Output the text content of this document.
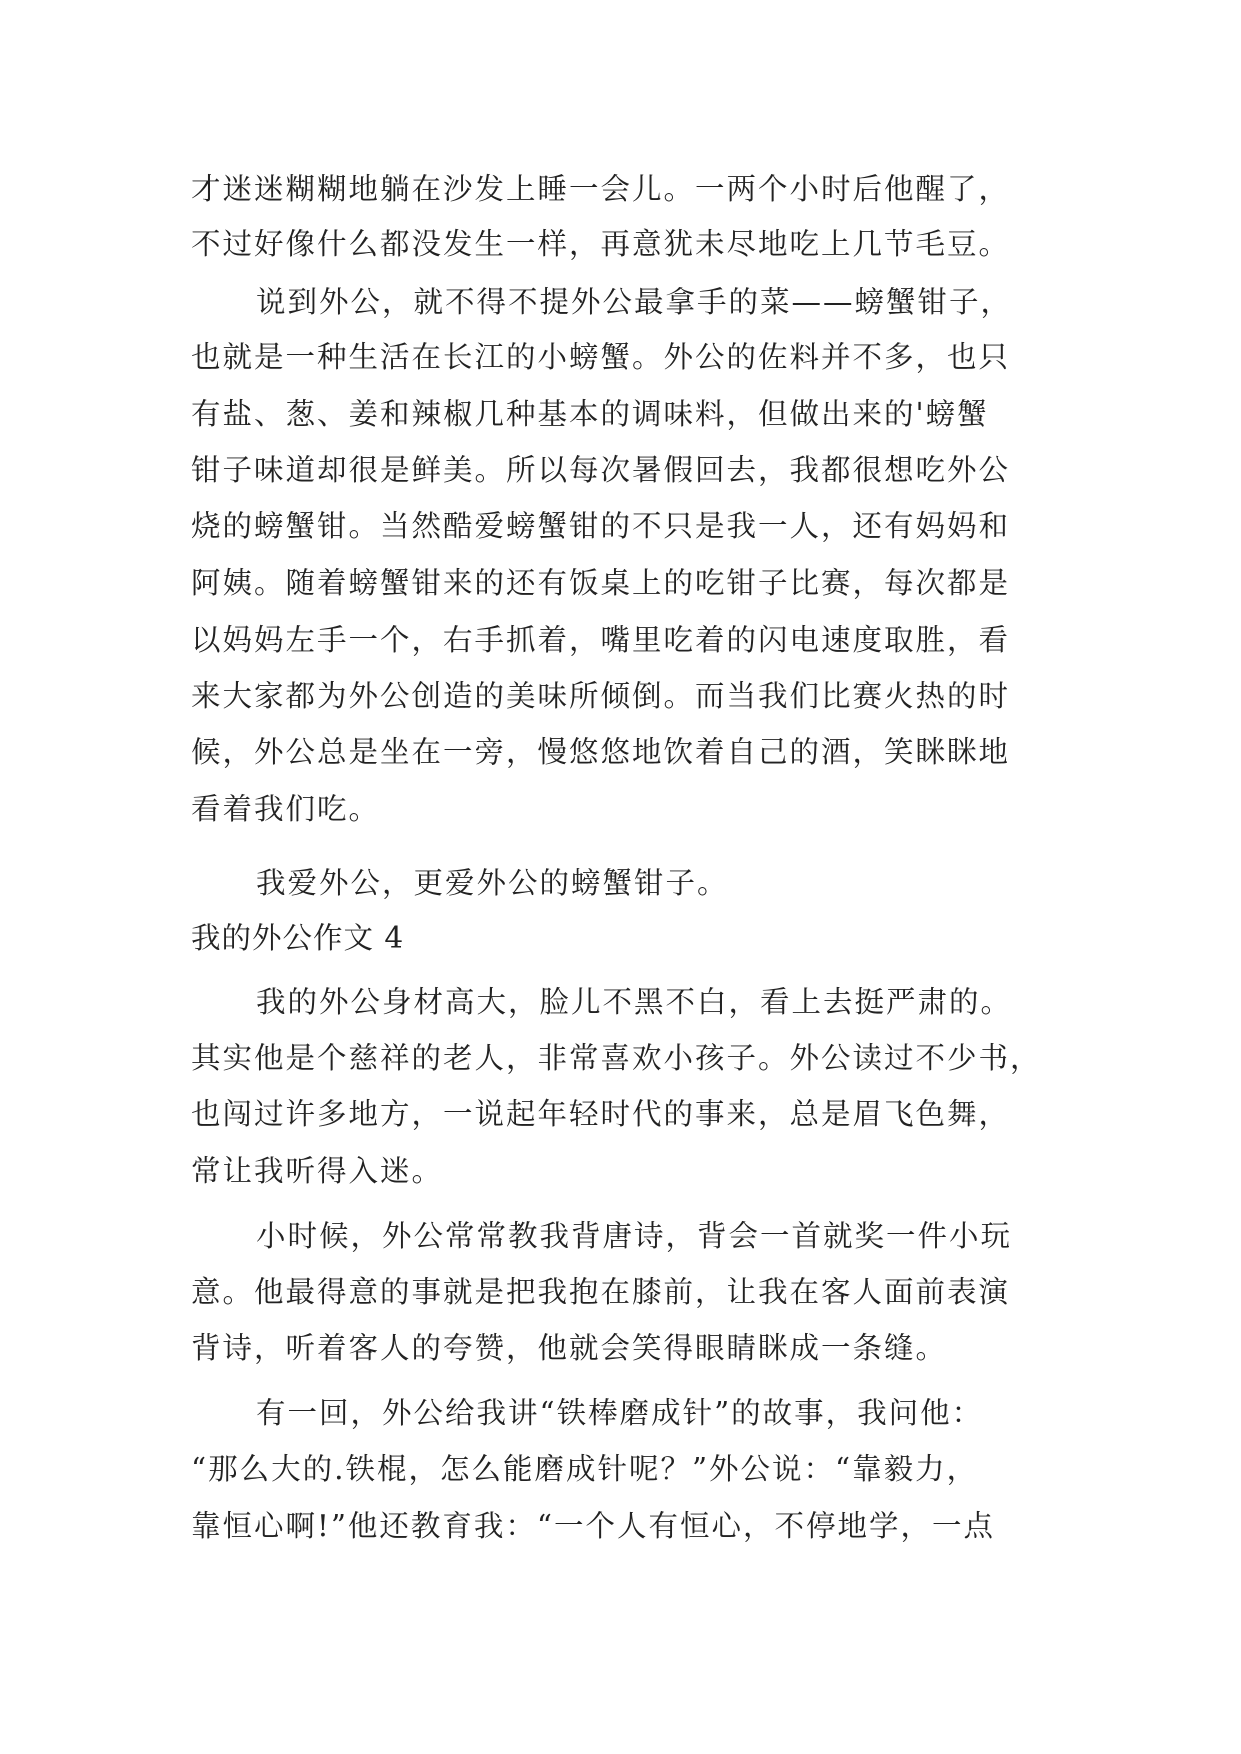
才迷迷糊糊地躺在沙发上睡一会儿。一两个小时后他醒了，
不过好像什么都没发生一样，再意犹未尽地吃上几节毛豆。
说到外公，就不得不提外公最拿手的菜——螃蟹钳子，
也就是一种生活在长江的小螃蟹。外公的佐料并不多，也只
有盐、葱、姜和辣椒几种基本的调味料，但做出来的'螃蟹
钳子味道却很是鲜美。所以每次暑假回去，我都很想吃外公
烧的螃蟹钳。当然酷爱螃蟹钳的不只是我一人，还有妈妈和
阿姨。随着螃蟹钳来的还有饭桌上的吃钳子比赛，每次都是
以妈妈左手一个，右手抓着，嘴里吃着的闪电速度取胜，看
来大家都为外公创造的美味所倾倒。而当我们比赛火热的时
候，外公总是坐在一旁，慢悠悠地饮着自己的酒，笑眯眯地
看着我们吃。
我爱外公，更爱外公的螃蟹钳子。
我的外公作文 4
我的外公身材高大，脸儿不黑不白，看上去挺严肃的。
其实他是个慈祥的老人，非常喜欢小孩子。外公读过不少书，
也闯过许多地方，一说起年轻时代的事来，总是眉飞色舞，
常让我听得入迷。
小时候，外公常常教我背唐诗，背会一首就奖一件小玩
意。他最得意的事就是把我抱在膝前，让我在客人面前表演
背诗，听着客人的夸赞，他就会笑得眼睛眯成一条缝。
有一回，外公给我讲“铁棒磨成针”的故事，我问他：
“那么大的.铁棍，怎么能磨成针呢？”外公说：“靠毅力，
靠恒心啊!”他还教育我：“一个人有恒心，不停地学，一点
